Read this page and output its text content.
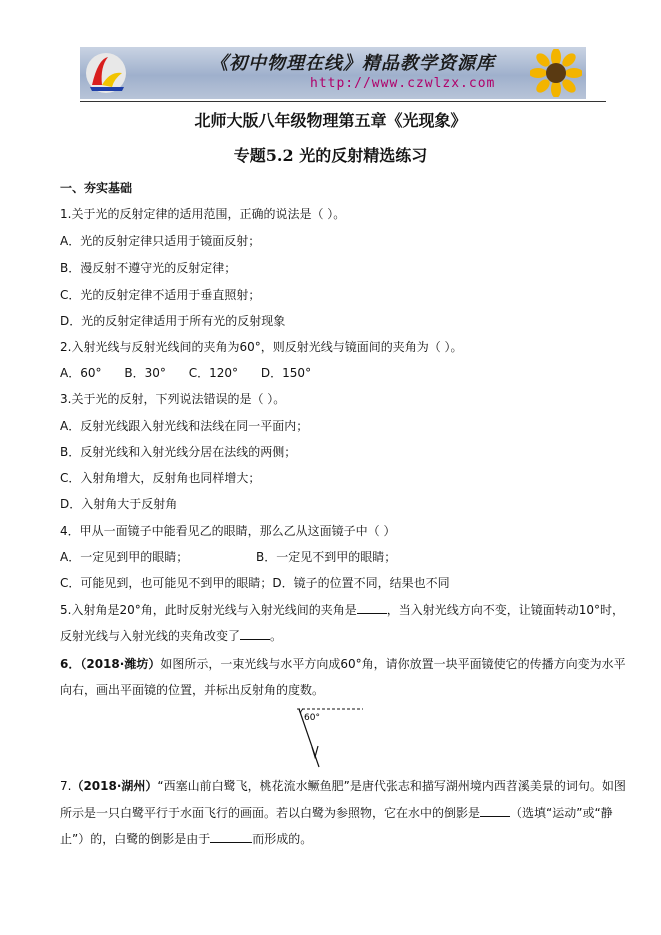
《初中物理在线》精品教学资源库
http://www.czwlzx.com
北师大版八年级物理第五章《光现象》
专题5.2 光的反射精选练习
一、夯实基础
1.关于光的反射定律的适用范围，正确的说法是（ ）。
A．光的反射定律只适用于镜面反射；
B．漫反射不遵守光的反射定律；
C．光的反射定律不适用于垂直照射；
D．光的反射定律适用于所有光的反射现象
2.入射光线与反射光线间的夹角为60°，则反射光线与镜面间的夹角为（ ）。
A．60°      B．30°      C．120°      D．150°
3.关于光的反射，下列说法错误的是（ ）。
A．反射光线跟入射光线和法线在同一平面内；
B．反射光线和入射光线分居在法线的两侧；
C．入射角增大，反射角也同样增大；
D．入射角大于反射角
4．甲从一面镜子中能看见乙的眼睛，那么乙从这面镜子中（ ）
A．一定见到甲的眼睛；	B．一定见不到甲的眼睛；
C．可能见到，也可能见不到甲的眼睛；D．镜子的位置不同，结果也不同
5.入射角是20°角，此时反射光线与入射光线间的夹角是	，当入射光线方向不变，让镜面转动10°时，
反射光线与入射光线的夹角改变了	。
6．（2018·潍坊）如图所示，一束光线与水平方向成60°角，请你放置一块平面镜使它的传播方向变为水平
向右，画出平面镜的位置，并标出反射角的度数。
60°
7.（2018·湖州）“西塞山前白鹭飞，桃花流水鳜鱼肥”是唐代张志和描写湖州境内西苕溪美景的词句。如图
所示是一只白鹭平行于水面飞行的画面。若以白鹭为参照物，它在水中的倒影是	（选填“运动”或“静
止”）的，白鹭的倒影是由于	而形成的。
